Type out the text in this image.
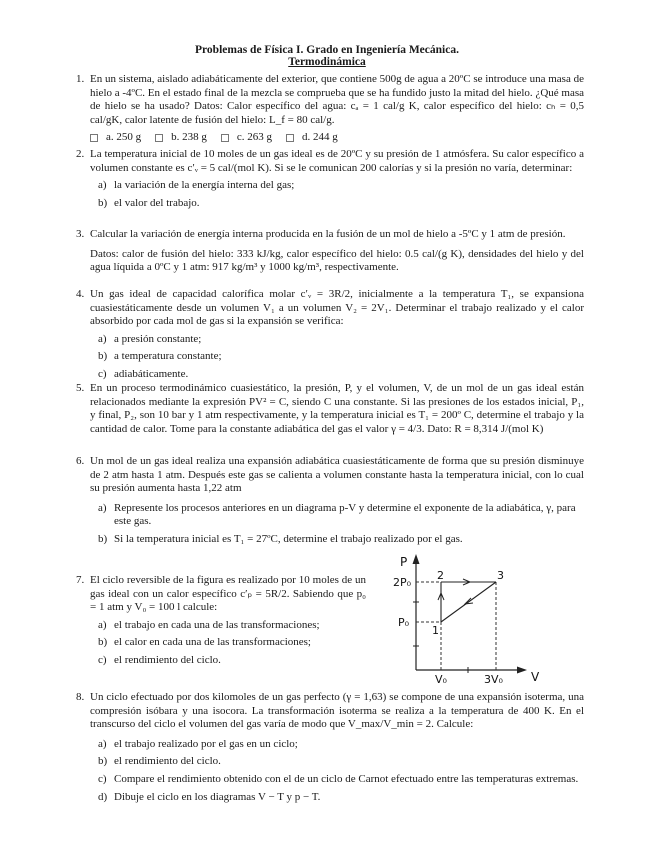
Problemas de Física I. Grado en Ingeniería Mecánica.
Termodinámica
1. En un sistema, aislado adiabáticamente del exterior, que contiene 500g de agua a 20ºC se introduce una masa de hielo a -4ºC. En el estado final de la mezcla se comprueba que se ha fundido justo la mitad del hielo. ¿Qué masa de hielo se ha usado? Datos: Calor específico del agua: cₐ = 1 cal/g K, calor específico del hielo: cₕ = 0,5 cal/gK, calor latente de fusión del hielo: L_f = 80 cal/g.
a. 250 g	b. 238 g	c. 263 g	d. 244 g
2. La temperatura inicial de 10 moles de un gas ideal es de 20ºC y su presión de 1 atmósfera. Su calor específico a volumen constante es c′ᵥ = 5 cal/(mol K). Si se le comunican 200 calorías y si la presión no varía, determinar:
a) la variación de la energía interna del gas;
b) el valor del trabajo.
3. Calcular la variación de energía interna producida en la fusión de un mol de hielo a -5ºC y 1 atm de presión.
Datos: calor de fusión del hielo: 333 kJ/kg, calor específico del hielo: 0.5 cal/(g K), densidades del hielo y del agua líquida a 0ºC y 1 atm: 917 kg/m³ y 1000 kg/m³, respectivamente.
4. Un gas ideal de capacidad calorífica molar c′ᵥ = 3R/2, inicialmente a la temperatura T₁, se expansiona cuasiestáticamente desde un volumen V₁ a un volumen V₂ = 2V₁. Determinar el trabajo realizado y el calor absorbido por cada mol de gas si la expansión se verifica:
a) a presión constante;
b) a temperatura constante;
c) adiabáticamente.
5. En un proceso termodinámico cuasiestático, la presión, P, y el volumen, V, de un mol de un gas ideal están relacionados mediante la expresión PV² = C, siendo C una constante. Si las presiones de los estados inicial, P₁, y final, P₂, son 10 bar y 1 atm respectivamente, y la temperatura inicial es T₁ = 200º C, determine el trabajo y la cantidad de calor. Tome para la constante adiabática del gas el valor γ = 4/3. Dato: R = 8,314 J/(mol K)
6. Un mol de un gas ideal realiza una expansión adiabática cuasiestáticamente de forma que su presión disminuye de 2 atm hasta 1 atm. Después este gas se calienta a volumen constante hasta la temperatura inicial, con lo cual su presión aumenta hasta 1,22 atm
a) Represente los procesos anteriores en un diagrama p-V y determine el exponente de la adiabática, γ, para este gas.
b) Si la temperatura inicial es T₁ = 27ºC, determine el trabajo realizado por el gas.
7. El ciclo reversible de la figura es realizado por 10 moles de un gas ideal con un calor específico c′ₚ = 5R/2. Sabiendo que p₀ = 1 atm y V₀ = 100 l calcule:
a) el trabajo en cada una de las transformaciones;
b) el calor en cada una de las transformaciones;
c) el rendimiento del ciclo.
P
V
2P₀
P₀
V₀	3V₀
1
2	3
8. Un ciclo efectuado por dos kilomoles de un gas perfecto (γ = 1,63) se compone de una expansión isoterma, una compresión isóbara y una isocora. La transformación isoterma se realiza a la temperatura de 400 K. En el transcurso del ciclo el volumen del gas varía de modo que V_max/V_min = 2. Calcule:
a) el trabajo realizado por el gas en un ciclo;
b) el rendimiento del ciclo.
c) Compare el rendimiento obtenido con el de un ciclo de Carnot efectuado entre las temperaturas extremas.
d) Dibuje el ciclo en los diagramas V − T y p − T.
